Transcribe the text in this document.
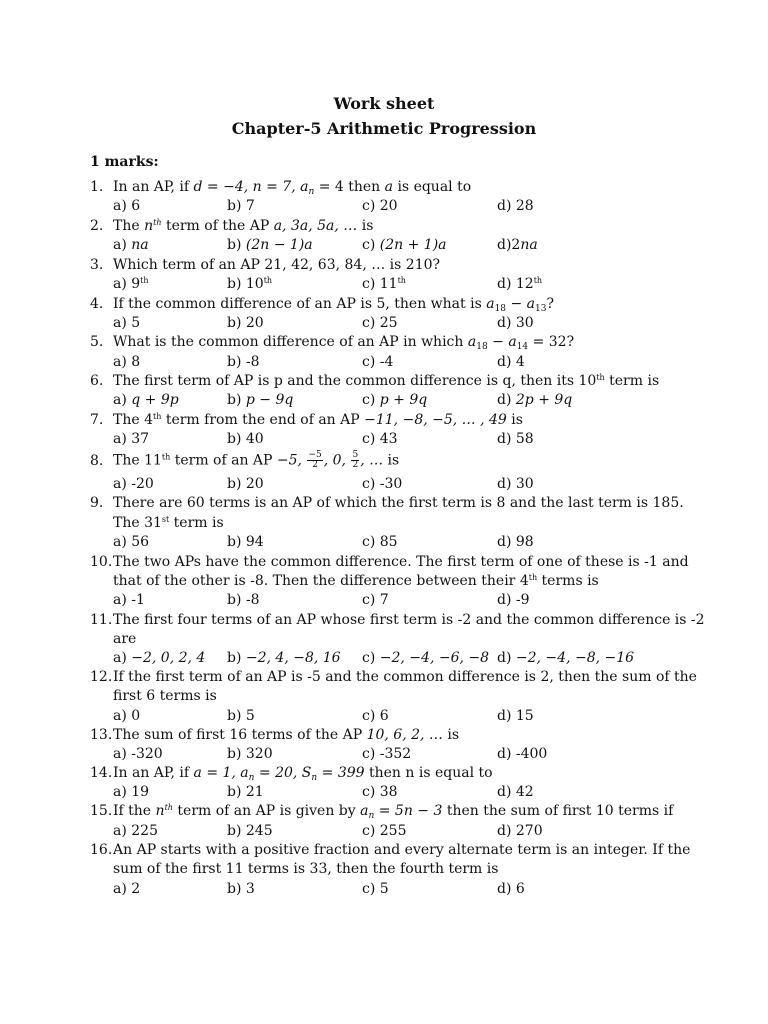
Work sheet
Chapter-5 Arithmetic Progression
1 marks:
1. In an AP, if d = −4, n = 7, $a_n = 4$ then a is equal to
a) 6	b) 7	c) 20	d) 28
2. The $n^{th}$ term of the AP a, 3a, 5a, … is
a) na	b) (2n − 1)a	c) (2n + 1)a	d)2na
3. Which term of an AP 21, 42, 63, 84, … is 210?
a) 9th	b) 10th	c) 11th	d) 12th
4. If the common difference of an AP is 5, then what is $a_{18} - a_{13}$?
a) 5	b) 20	c) 25	d) 30
5. What is the common difference of an AP in which $a_{18} - a_{14} = 32$?
a) 8	b) -8	c) -4	d) 4
6. The first term of AP is p and the common difference is q, then its 10th term is
a) q + 9p	b) p − 9q	c) p + 9q	d) 2p + 9q
7. The 4th term from the end of an AP −11, −8, −5, … , 49 is
a) 37	b) 40	c) 43	d) 58
8. The 11th term of an AP −5, $\frac{-5}{2}$ , 0, $\frac{5}{2}$ , … is
a) -20	b) 20	c) -30	d) 30
9. There are 60 terms is an AP of which the first term is 8 and the last term is 185.
The 31st term is
a) 56	b) 94	c) 85	d) 98
10.The two APs have the common difference. The first term of one of these is -1 and
that of the other is -8. Then the difference between their 4th terms is
a) -1	b) -8	c) 7	d) -9
11.The first four terms of an AP whose first term is -2 and the common difference is -2
are
a) −2, 0, 2, 4 b) −2, 4, −8, 16 c) −2, −4, −6, −8 d) −2, −4, −8, −16
12.If the first term of an AP is -5 and the common difference is 2, then the sum of the
first 6 terms is
a) 0	b) 5	c) 6	d) 15
13.The sum of first 16 terms of the AP 10, 6, 2, … is
a) -320	b) 320	c) -352	d) -400
14.In an AP, if a = 1, $a_n = 20$, $S_n = 399$ then n is equal to
a) 19	b) 21	c) 38	d) 42
15.If the $n^{th}$ term of an AP is given by $a_n = 5n - 3$ then the sum of first 10 terms if
a) 225	b) 245	c) 255	d) 270
16.An AP starts with a positive fraction and every alternate term is an integer. If the
sum of the first 11 terms is 33, then the fourth term is
a) 2	b) 3	c) 5	d) 6
